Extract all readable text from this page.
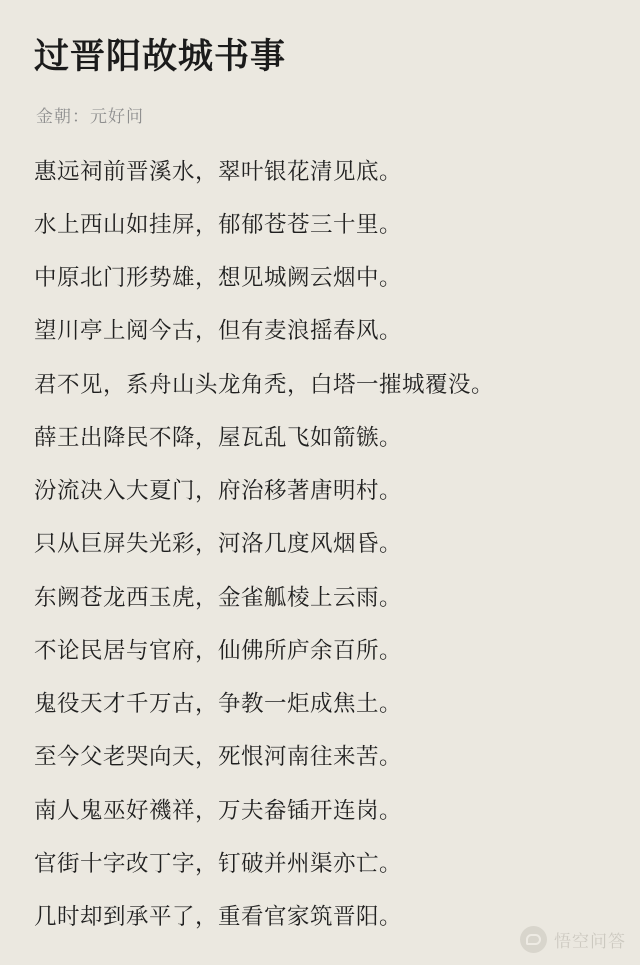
过晋阳故城书事
金朝：元好问

惠远祠前晋溪水，翠叶银花清见底。

水上西山如挂屏，郁郁苍苍三十里。

中原北门形势雄，想见城阙云烟中。

望川亭上阅今古，但有麦浪摇春风。

君不见，系舟山头龙角秃，白塔一摧城覆没。

薛王出降民不降，屋瓦乱飞如箭镞。

汾流决入大夏门，府治移著唐明村。

只从巨屏失光彩，河洛几度风烟昏。

东阙苍龙西玉虎，金雀觚棱上云雨。

不论民居与官府，仙佛所庐余百所。

鬼役天才千万古，争教一炬成焦土。

至今父老哭向天，死恨河南往来苦。

南人鬼巫好禨祥，万夫畚锸开连岗。

官街十字改丁字，钉破并州渠亦亡。

几时却到承平了，重看官家筑晋阳。

悟空问答
